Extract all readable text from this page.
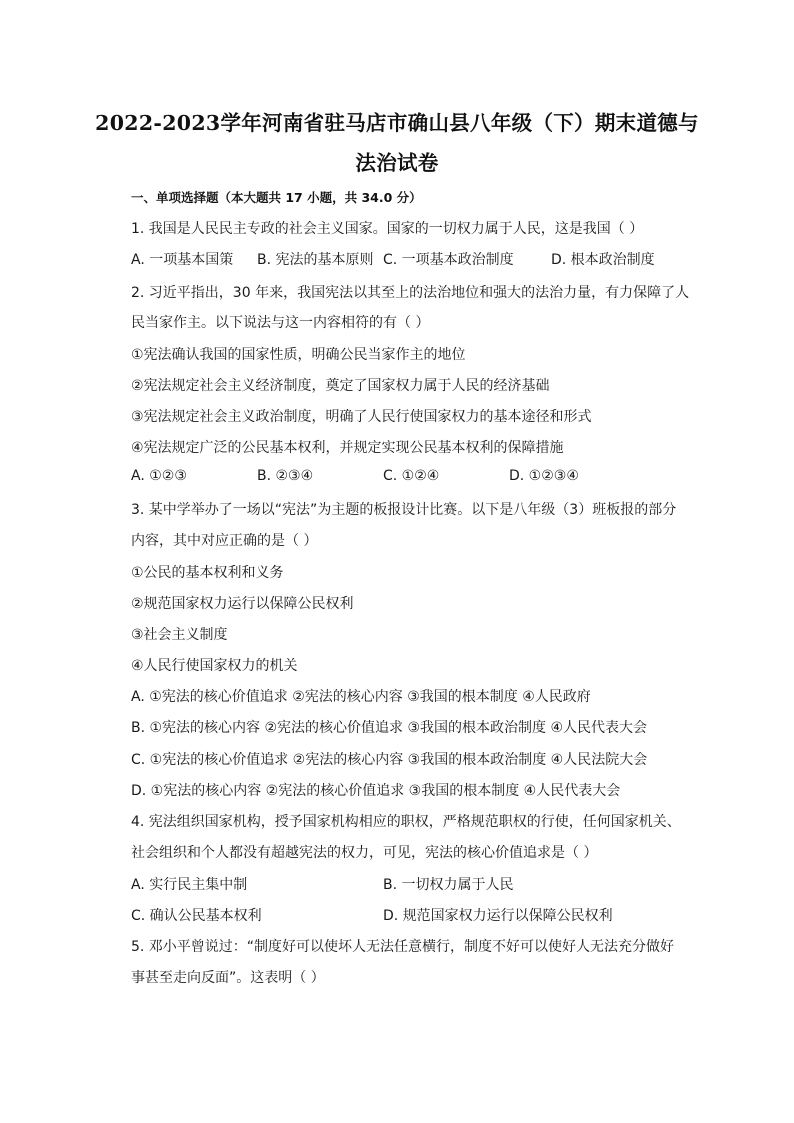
2022-2023学年河南省驻马店市确山县八年级（下）期末道德与
法治试卷
一、单项选择题（本大题共 17 小题，共 34.0 分）
1. 我国是人民民主专政的社会主义国家。国家的一切权力属于人民，这是我国（ ）
A. 一项基本国策 B. 宪法的基本原则 C. 一项基本政治制度	D. 根本政治制度
2. 习近平指出，30 年来，我国宪法以其至上的法治地位和强大的法治力量，有力保障了人
民当家作主。以下说法与这一内容相符的有（ ）
①宪法确认我国的国家性质，明确公民当家作主的地位
②宪法规定社会主义经济制度，奠定了国家权力属于人民的经济基础
③宪法规定社会主义政治制度，明确了人民行使国家权力的基本途径和形式
④宪法规定广泛的公民基本权利，并规定实现公民基本权利的保障措施
A. ①②③	B. ②③④	C. ①②④	D. ①②③④
3. 某中学举办了一场以“宪法”为主题的板报设计比赛。以下是八年级（3）班板报的部分
内容，其中对应正确的是（ ）
①公民的基本权利和义务
②规范国家权力运行以保障公民权利
③社会主义制度
④人民行使国家权力的机关
A. ①宪法的核心价值追求 ②宪法的核心内容 ③我国的根本制度 ④人民政府
B. ①宪法的核心内容 ②宪法的核心价值追求 ③我国的根本政治制度 ④人民代表大会
C. ①宪法的核心价值追求 ②宪法的核心内容 ③我国的根本政治制度 ④人民法院大会
D. ①宪法的核心内容 ②宪法的核心价值追求 ③我国的根本制度 ④人民代表大会
4. 宪法组织国家机构，授予国家机构相应的职权，严格规范职权的行使，任何国家机关、
社会组织和个人都没有超越宪法的权力，可见，宪法的核心价值追求是（ ）
A. 实行民主集中制	B. 一切权力属于人民
C. 确认公民基本权利	D. 规范国家权力运行以保障公民权利
5. 邓小平曾说过：“制度好可以使坏人无法任意横行，制度不好可以使好人无法充分做好
事甚至走向反面”。这表明（ ）
